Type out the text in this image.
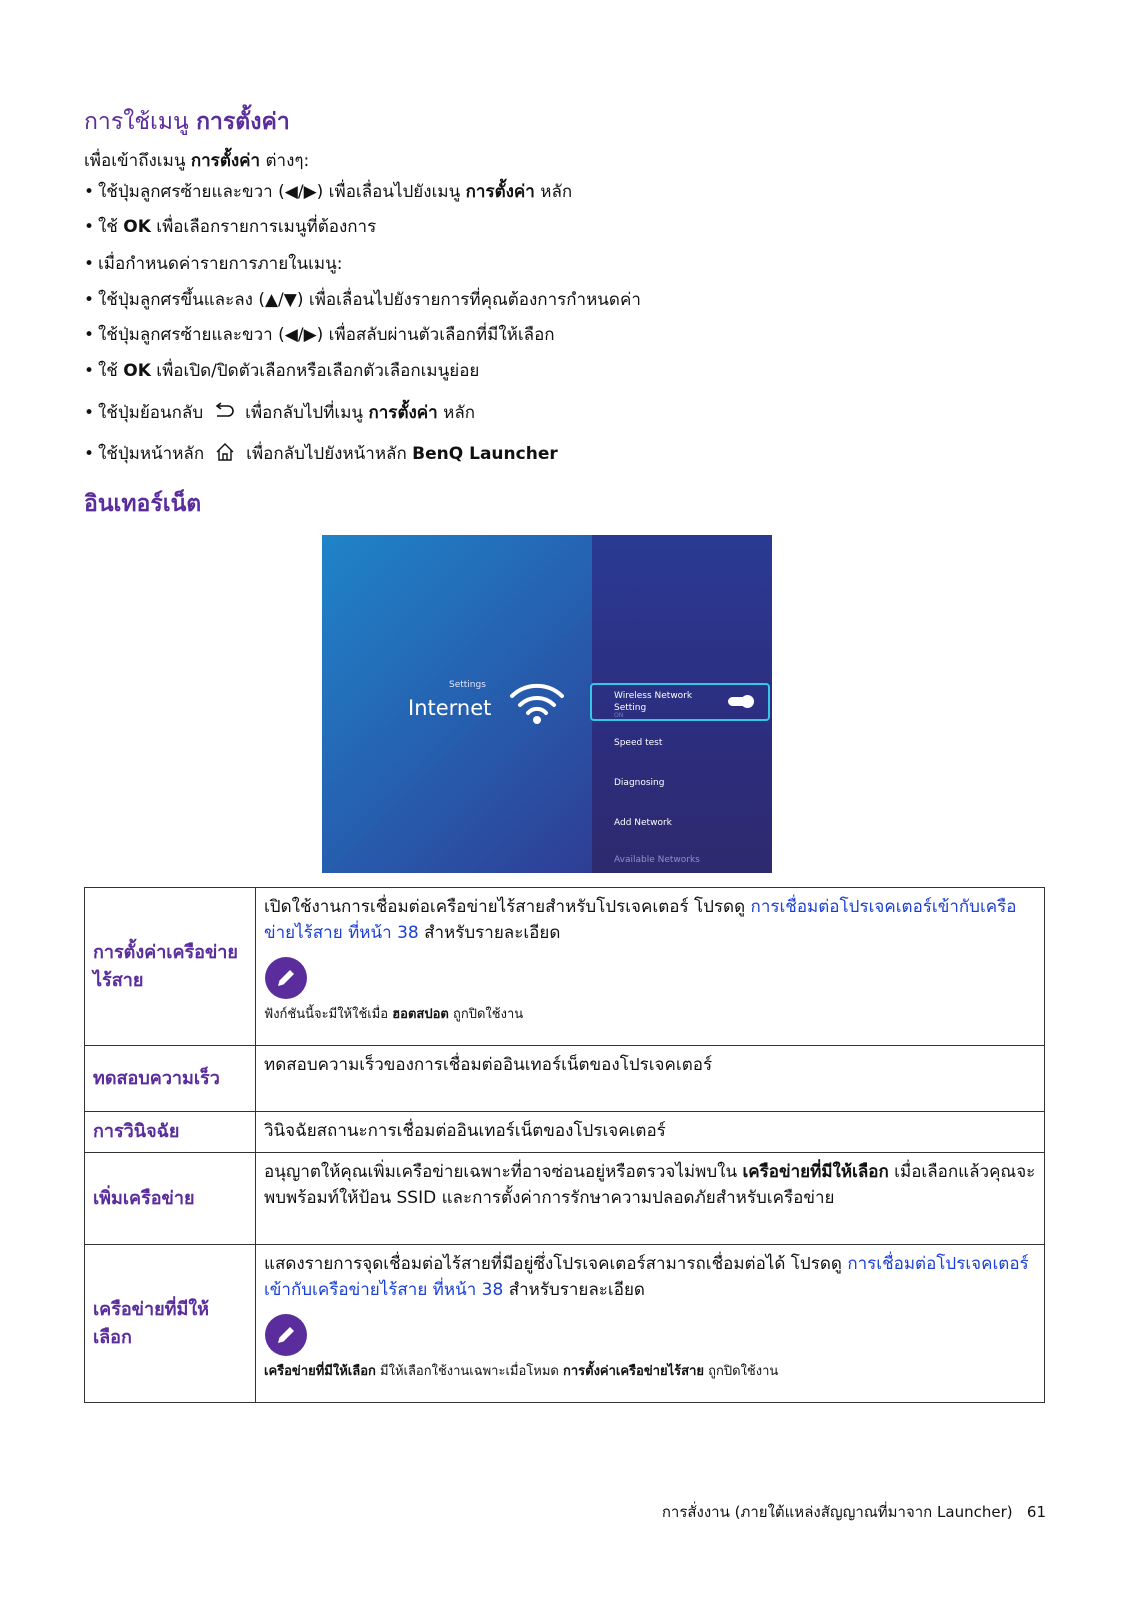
การใช้เมนู การตั้งค่า
เพื่อเข้าถึงเมนู การตั้งค่า ต่างๆ:
• ใช้ปุ่มลูกศรซ้ายและขวา (◀/▶) เพื่อเลื่อนไปยังเมนู การตั้งค่า หลัก
• ใช้ OK เพื่อเลือกรายการเมนูที่ต้องการ
• เมื่อกำหนดค่ารายการภายในเมนู:
• ใช้ปุ่มลูกศรขึ้นและลง (▲/▼) เพื่อเลื่อนไปยังรายการที่คุณต้องการกำหนดค่า
• ใช้ปุ่มลูกศรซ้ายและขวา (◀/▶) เพื่อสลับผ่านตัวเลือกที่มีให้เลือก
• ใช้ OK เพื่อเปิด/ปิดตัวเลือกหรือเลือกตัวเลือกเมนูย่อย
• ใช้ปุ่มย้อนกลับ เพื่อกลับไปที่เมนู การตั้งค่า หลัก
• ใช้ปุ่มหน้าหลัก เพื่อกลับไปยังหน้าหลัก BenQ Launcher
อินเทอร์เน็ต
Settings
Internet	Wireless Network
Setting
ON
Speed test
Diagnosing
Add Network
Available Networks
การตั้งค่าเครือข่ายไร้สาย	เปิดใช้งานการเชื่อมต่อเครือข่ายไร้สายสำหรับโปรเจคเตอร์ โปรดดู การเชื่อมต่อโปรเจคเตอร์เข้ากับเครือข่ายไร้สาย ที่หน้า 38 สำหรับรายละเอียด
ฟังก์ชันนี้จะมีให้ใช้เมื่อ ฮอตสปอต ถูกปิดใช้งาน

ทดสอบความเร็ว	ทดสอบความเร็วของการเชื่อมต่ออินเทอร์เน็ตของโปรเจคเตอร์
การวินิจฉัย	วินิจฉัยสถานะการเชื่อมต่ออินเทอร์เน็ตของโปรเจคเตอร์
เพิ่มเครือข่าย	อนุญาตให้คุณเพิ่มเครือข่ายเฉพาะที่อาจซ่อนอยู่หรือตรวจไม่พบใน เครือข่ายที่มีให้เลือก เมื่อเลือกแล้วคุณจะพบพร้อมท์ให้ป้อน SSID และการตั้งค่าการรักษาความปลอดภัยสำหรับเครือข่าย
เครือข่ายที่มีให้เลือก	แสดงรายการจุดเชื่อมต่อไร้สายที่มีอยู่ซึ่งโปรเจคเตอร์สามารถเชื่อมต่อได้ โปรดดู การเชื่อมต่อโปรเจคเตอร์เข้ากับเครือข่ายไร้สาย ที่หน้า 38 สำหรับรายละเอียด
เครือข่ายที่มีให้เลือก มีให้เลือกใช้งานเฉพาะเมื่อโหมด การตั้งค่าเครือข่ายไร้สาย ถูกปิดใช้งาน
การสั่งงาน (ภายใต้แหล่งสัญญาณที่มาจาก Launcher) 61
